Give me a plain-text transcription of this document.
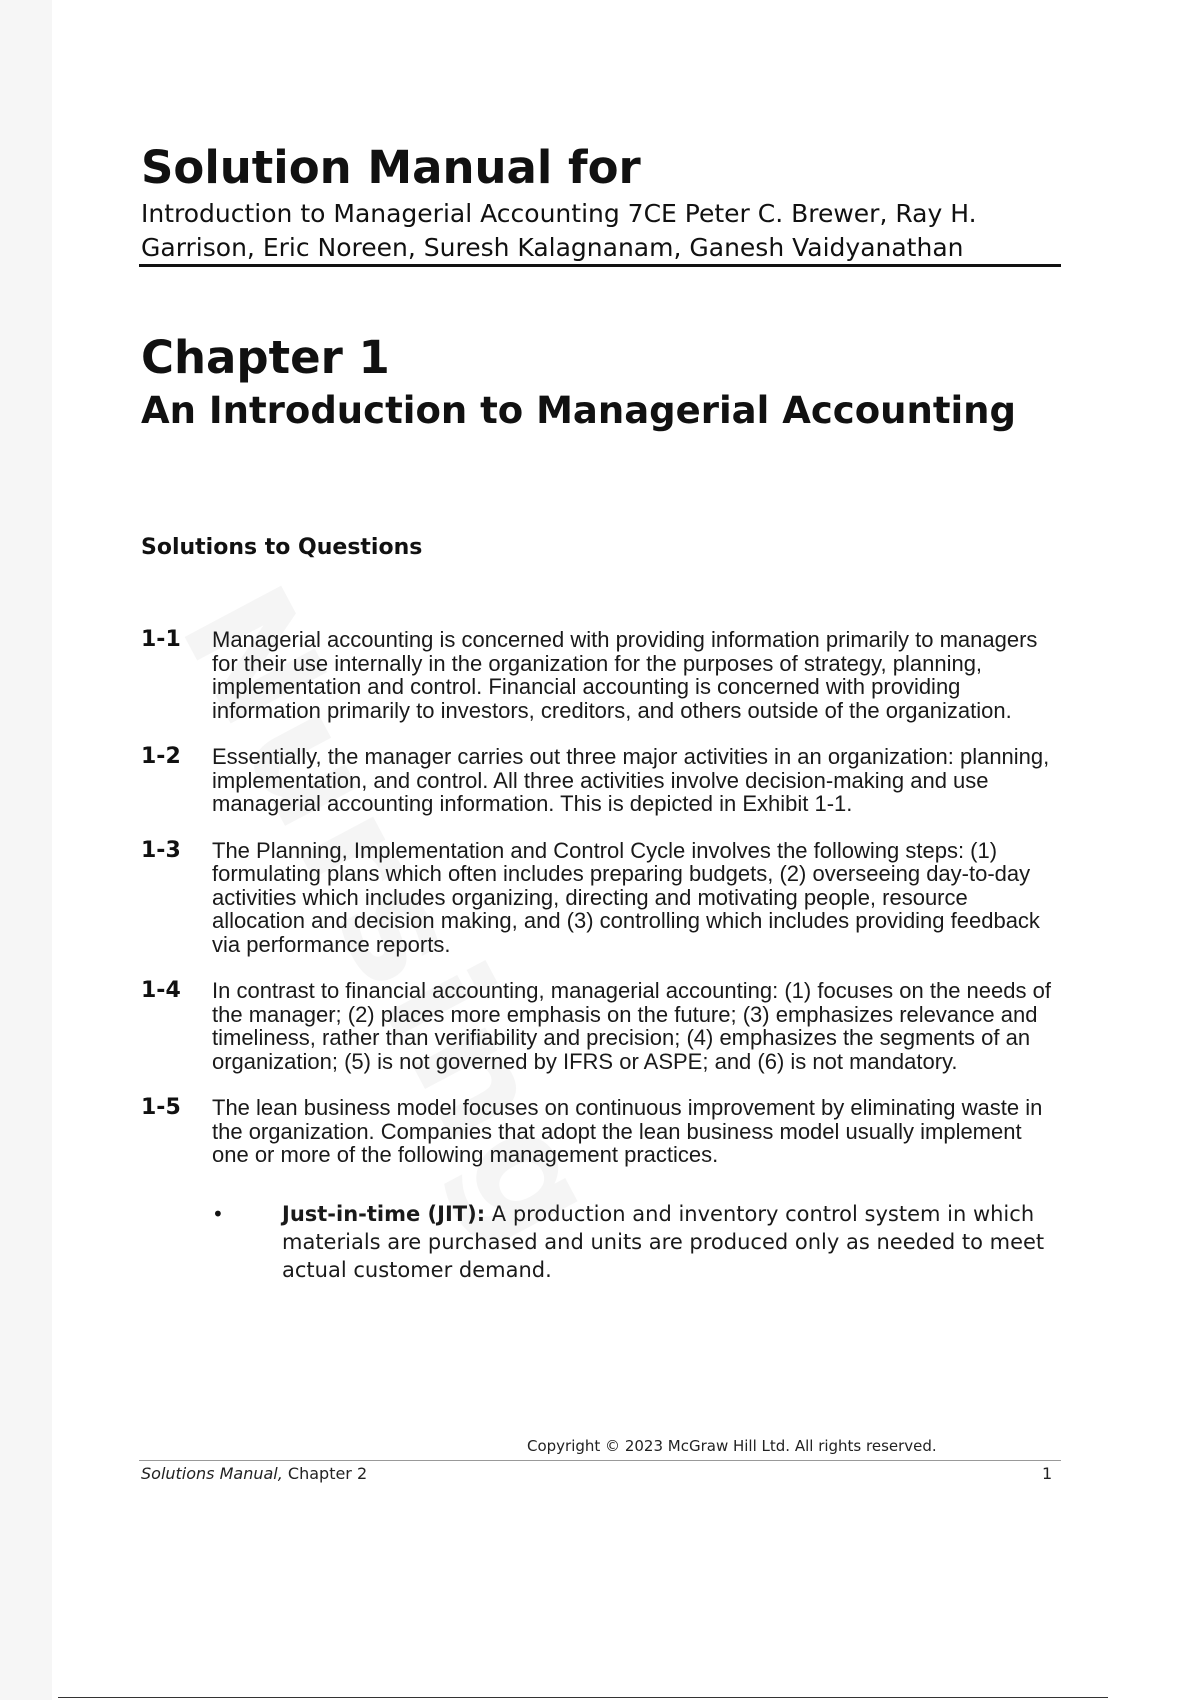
Solution Manual for

Introduction to Managerial Accounting 7CE Peter C. Brewer, Ray H. Garrison, Eric Noreen, Suresh Kalagnanam, Ganesh Vaidyanathan

Chapter 1
An Introduction to Managerial Accounting
Solutions to Questions
1-1 Managerial accounting is concerned with providing information primarily to managers for their use internally in the organization for the purposes of strategy, planning, implementation and control. Financial accounting is concerned with providing information primarily to investors, creditors, and others outside of the organization.
1-2 Essentially, the manager carries out three major activities in an organization: planning, implementation, and control. All three activities involve decision-making and use managerial accounting information. This is depicted in Exhibit 1-1.
1-3 The Planning, Implementation and Control Cycle involves the following steps: (1) formulating plans which often includes preparing budgets, (2) overseeing day-to-day activities which includes organizing, directing and motivating people, resource allocation and decision making, and (3) controlling which includes providing feedback via performance reports.
1-4 In contrast to financial accounting, managerial accounting: (1) focuses on the needs of the manager; (2) places more emphasis on the future; (3) emphasizes relevance and timeliness, rather than verifiability and precision; (4) emphasizes the segments of an organization; (5) is not governed by IFRS or ASPE; and (6) is not mandatory.
1-5 The lean business model focuses on continuous improvement by eliminating waste in the organization. Companies that adopt the lean business model usually implement one or more of the following management practices.
•	Just-in-time (JIT): A production and inventory control system in which materials are purchased and units are produced only as needed to meet actual customer demand.
Copyright © 2023 McGraw Hill Ltd. All rights reserved.
Solutions Manual, Chapter 2	1
